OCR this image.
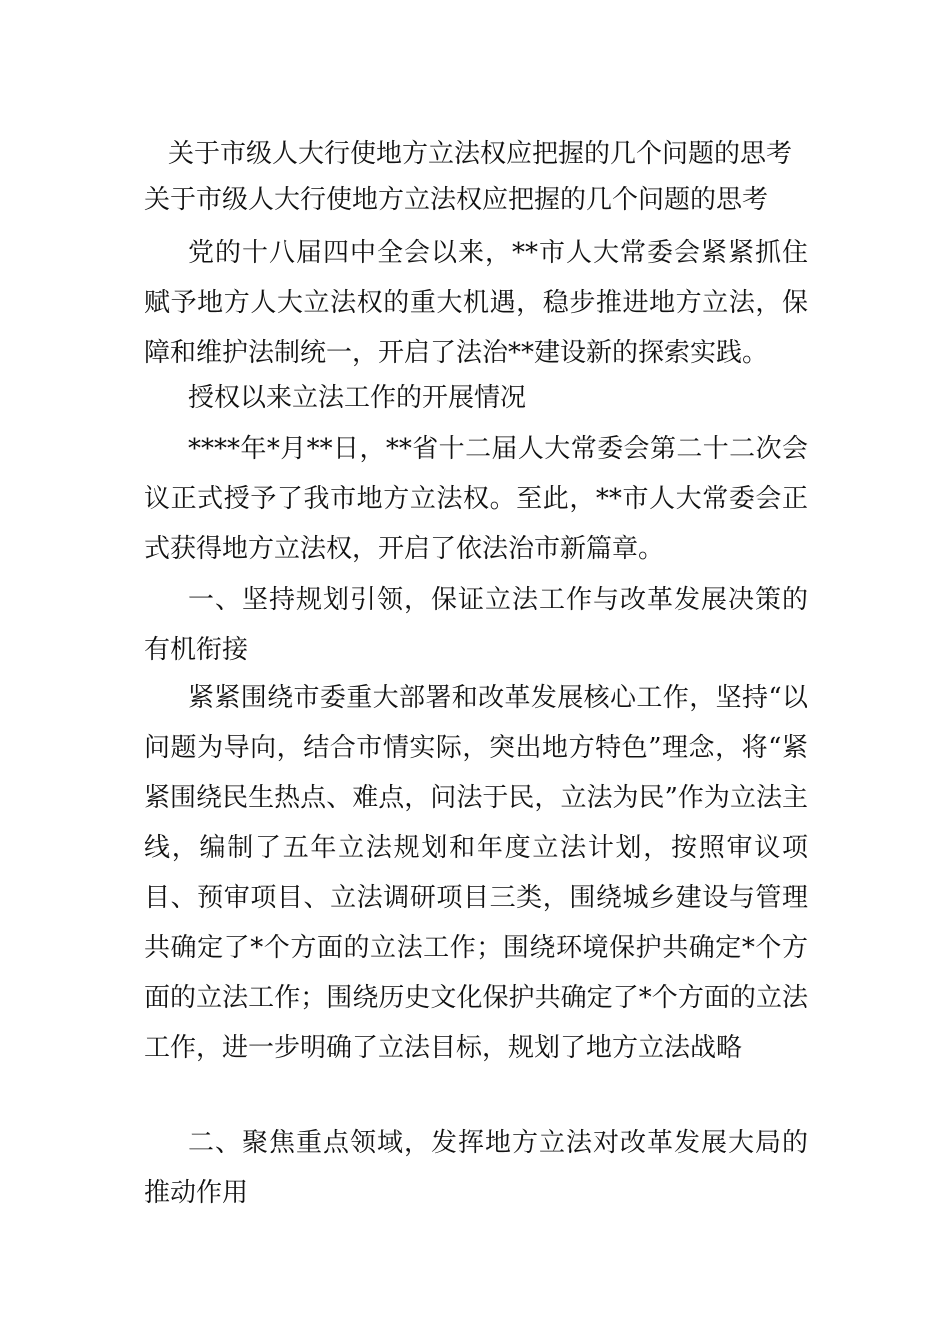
关于市级人大行使地方立法权应把握的几个问题的思考
关于市级人大行使地方立法权应把握的几个问题的思考

党的十八届四中全会以来，**市人大常委会紧紧抓住赋予地方人大立法权的重大机遇，稳步推进地方立法，保障和维护法制统一，开启了法治**建设新的探索实践。

授权以来立法工作的开展情况

****年*月**日，**省十二届人大常委会第二十二次会议正式授予了我市地方立法权。至此，**市人大常委会正式获得地方立法权，开启了依法治市新篇章。

一、坚持规划引领，保证立法工作与改革发展决策的有机衔接

紧紧围绕市委重大部署和改革发展核心工作，坚持“以问题为导向，结合市情实际，突出地方特色”理念，将“紧紧围绕民生热点、难点，问法于民，立法为民”作为立法主线，编制了五年立法规划和年度立法计划，按照审议项目、预审项目、立法调研项目三类，围绕城乡建设与管理共确定了*个方面的立法工作；围绕环境保护共确定*个方面的立法工作；围绕历史文化保护共确定了*个方面的立法工作，进一步明确了立法目标，规划了地方立法战略

二、聚焦重点领域，发挥地方立法对改革发展大局的推动作用
